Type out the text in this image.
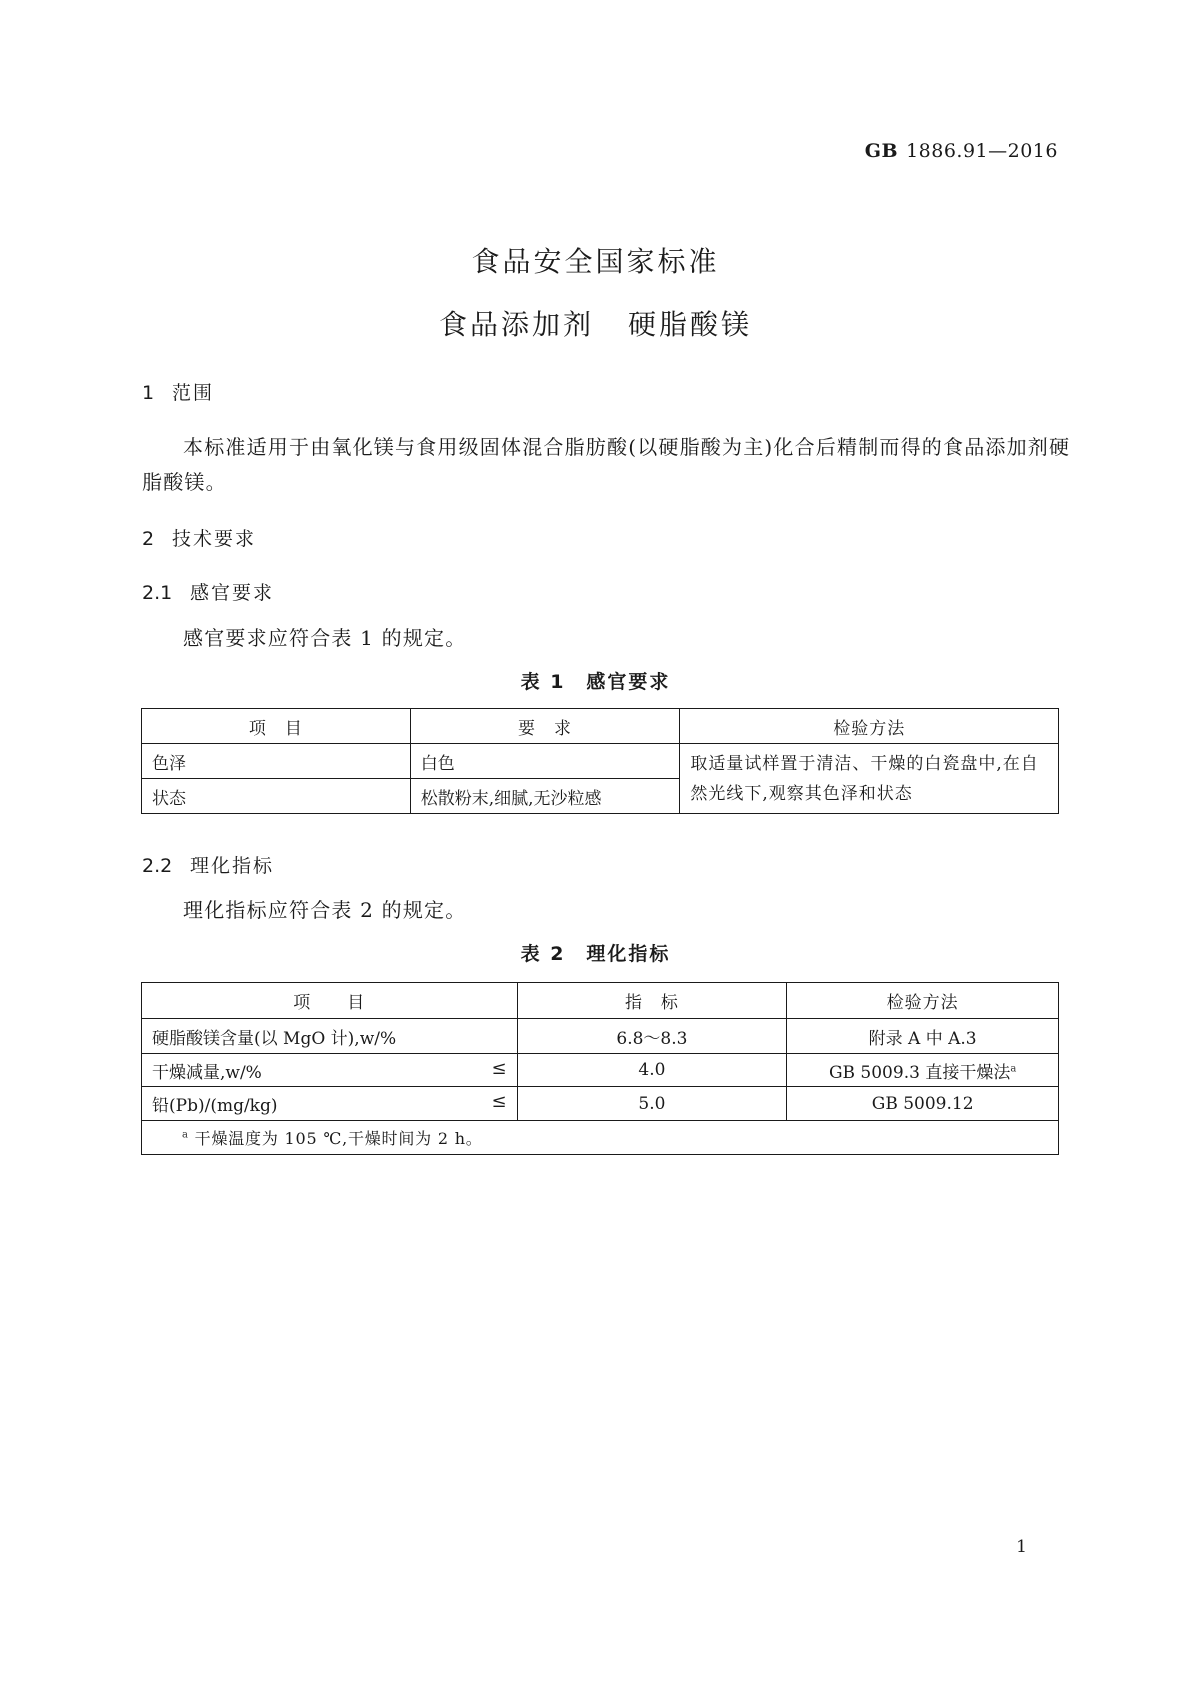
GB 1886.91—2016
食品安全国家标准
食品添加剂 硬脂酸镁
1 范围
本标准适用于由氧化镁与食用级固体混合脂肪酸(以硬脂酸为主)化合后精制而得的食品添加剂硬
脂酸镁。
2 技术要求
2.1 感官要求
感官要求应符合表 1 的规定。
表 1　感官要求
项　目	要　求	检验方法
色泽	白色	取适量试样置于清洁、干燥的白瓷盘中,在自
然光线下,观察其色泽和状态

状态	松散粉末,细腻,无沙粒感	
2.2 理化指标
理化指标应符合表 2 的规定。
表 2　理化指标
项　　目	指　标	检验方法
硬脂酸镁含量(以 MgO 计),w/%	6.8～8.3	附录 A 中 A.3
干燥减量,w/% ≤	4.0	GB 5009.3 直接干燥法$^a$
铅(Pb)/(mg/kg) ≤	5.0	GB 5009.12
$^a$ 干燥温度为 105 ℃,干燥时间为 2 h。		
1
